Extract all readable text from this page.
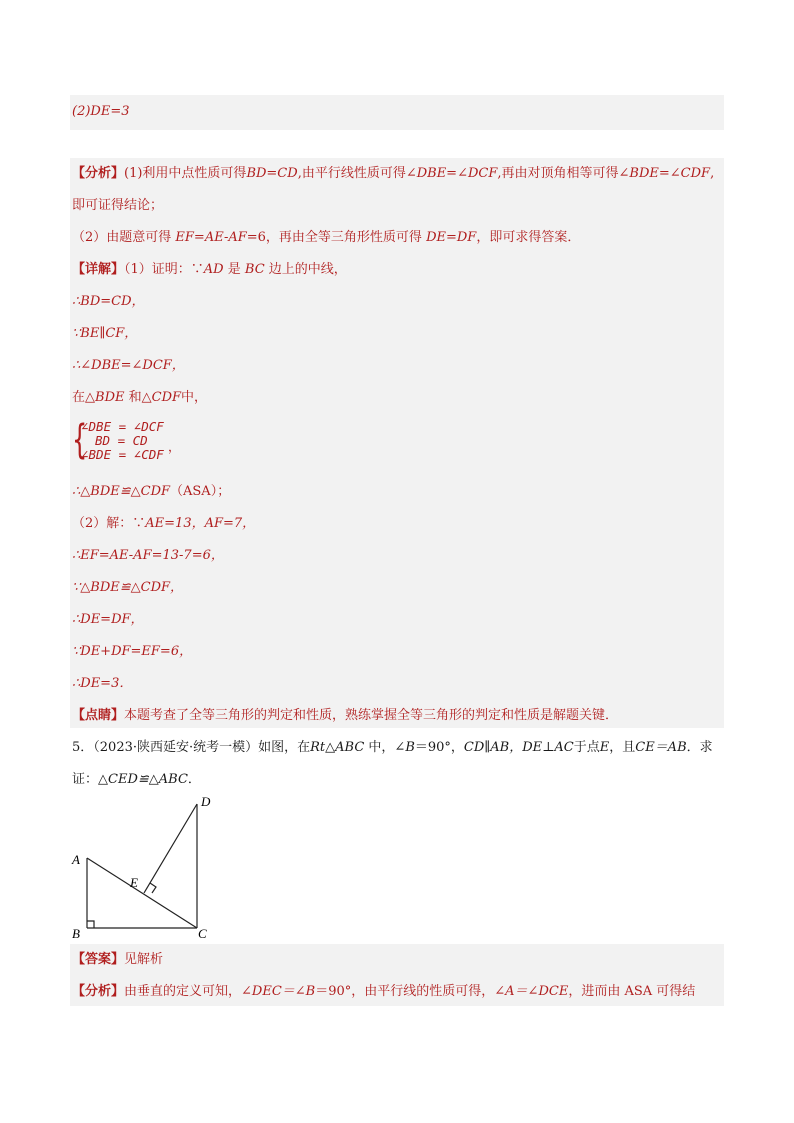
(2)DE=3
【分析】(1)利用中点性质可得BD=CD,由平行线性质可得∠DBE=∠DCF,再由对顶角相等可得∠BDE=∠CDF,
即可证得结论；
（2）由题意可得 EF=AE-AF=6，再由全等三角形性质可得 DE=DF，即可求得答案．
【详解】（1）证明：∵AD 是 BC 边上的中线，
∴BD=CD，
∵BE∥CF，
∴∠DBE=∠DCF，
在△BDE 和△CDF中，
{
∠DBE = ∠DCF
BD = CD
∠BDE = ∠CDF
，
∴△BDE≌△CDF（ASA）；
（2）解：∵AE=13，AF=7，
∴EF=AE-AF=13-7=6，
∵△BDE≌△CDF，
∴DE=DF，
∵DE+DF=EF=6，
∴DE=3．
【点睛】本题考查了全等三角形的判定和性质，熟练掌握全等三角形的判定和性质是解题关键．
5．（2023·陕西延安·统考一模）如图，在Rt△ABC 中，∠B＝90°，CD∥AB，DE⊥AC于点E，且CE＝AB．求
证：△CED≌△ABC．
A
B	C
D
E
【答案】见解析
【分析】由垂直的定义可知，∠DEC＝∠B＝90°，由平行线的性质可得，∠A＝∠DCE，进而由 ASA 可得结
